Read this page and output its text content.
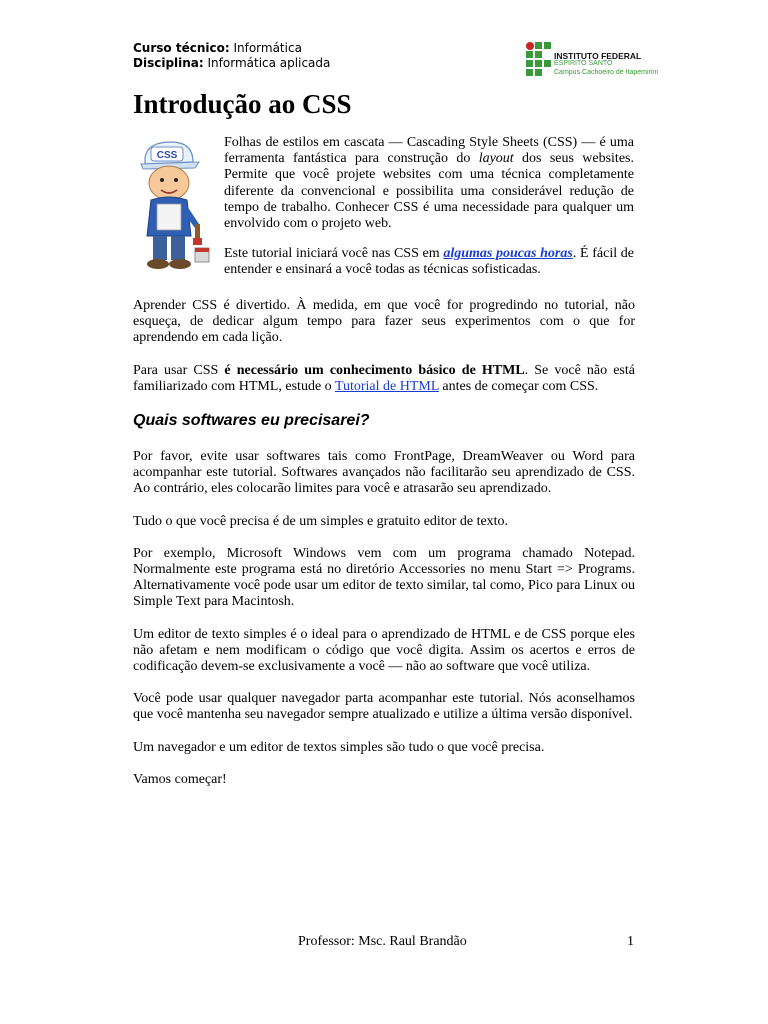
Curso técnico: Informática
Disciplina: Informática aplicada	INSTITUTO FEDERAL
ESPÍRITO SANTO
Campus Cachoeiro de Itapemirim
Introdução ao CSS
CSS

Folhas de estilos em cascata — Cascading Style Sheets (CSS) — é uma ferramenta fantástica para construção do layout dos seus websites. Permite que você projete websites com uma técnica completamente diferente da convencional e possibilita uma considerável redução de tempo de trabalho. Conhecer CSS é uma necessidade para qualquer um envolvido com o projeto web.

Este tutorial iniciará você nas CSS em algumas poucas horas. É fácil de entender e ensinará a você todas as técnicas sofisticadas.

Aprender CSS é divertido. À medida, em que você for progredindo no tutorial, não esqueça, de dedicar algum tempo para fazer seus experimentos com o que for aprendendo em cada lição.

Para usar CSS é necessário um conhecimento básico de HTML. Se você não está familiarizado com HTML, estude o Tutorial de HTML antes de começar com CSS.

Quais softwares eu precisarei?

Por favor, evite usar softwares tais como FrontPage, DreamWeaver ou Word para acompanhar este tutorial. Softwares avançados não facilitarão seu aprendizado de CSS. Ao contrário, eles colocarão limites para você e atrasarão seu aprendizado.

Tudo o que você precisa é de um simples e gratuito editor de texto.

Por exemplo, Microsoft Windows vem com um programa chamado Notepad. Normalmente este programa está no diretório Accessories no menu Start => Programs. Alternativamente você pode usar um editor de texto similar, tal como, Pico para Linux ou Simple Text para Macintosh.

Um editor de texto simples é o ideal para o aprendizado de HTML e de CSS porque eles não afetam e nem modificam o código que você digita. Assim os acertos e erros de codificação devem-se exclusivamente a você — não ao software que você utiliza.

Você pode usar qualquer navegador parta acompanhar este tutorial. Nós aconselhamos que você mantenha seu navegador sempre atualizado e utilize a última versão disponível.

Um navegador e um editor de textos simples são tudo o que você precisa.

Vamos começar!

Professor: Msc. Raul Brandão	1
